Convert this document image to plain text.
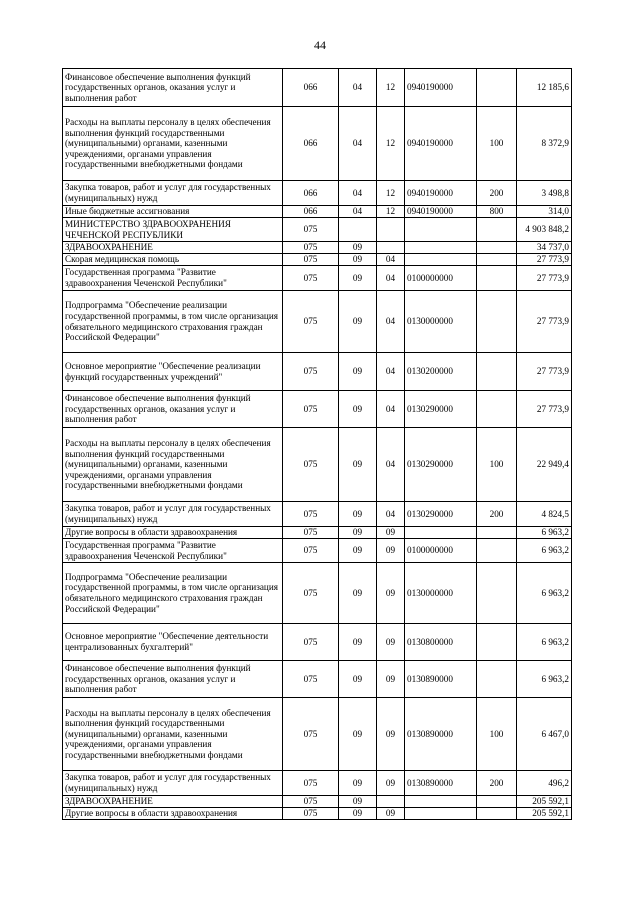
44
Финансовое обеспечение выполнения функций государственных органов, оказания услуг и выполнения работ	066	04	12	0940190000		12 185,6
Расходы на выплаты персоналу в целях обеспечения выполнения функций государственными (муниципальными) органами, казенными учреждениями, органами управления государственными внебюджетными фондами	066	04	12	0940190000	100	8 372,9
Закупка товаров, работ и услуг для государственных (муниципальных) нужд	066	04	12	0940190000	200	3 498,8
Иные бюджетные ассигнования	066	04	12	0940190000	800	314,0
МИНИСТЕРСТВО ЗДРАВООХРАНЕНИЯ ЧЕЧЕНСКОЙ РЕСПУБЛИКИ	075					4 903 848,2
ЗДРАВООХРАНЕНИЕ	075	09				34 737,0
Скорая медицинская помощь	075	09	04			27 773,9
Государственная программа "Развитие здравоохранения Чеченской Республики"	075	09	04	0100000000		27 773,9
Подпрограмма "Обеспечение реализации государственной программы, в том числе организация обязательного медицинского страхования граждан Российской Федерации"	075	09	04	0130000000		27 773,9
Основное мероприятие "Обеспечение реализации функций государственных учреждений"	075	09	04	0130200000		27 773,9
Финансовое обеспечение выполнения функций государственных органов, оказания услуг и выполнения работ	075	09	04	0130290000		27 773,9
Расходы на выплаты персоналу в целях обеспечения выполнения функций государственными (муниципальными) органами, казенными учреждениями, органами управления государственными внебюджетными фондами	075	09	04	0130290000	100	22 949,4
Закупка товаров, работ и услуг для государственных (муниципальных) нужд	075	09	04	0130290000	200	4 824,5
Другие вопросы в области здравоохранения	075	09	09			6 963,2
Государственная программа "Развитие здравоохранения Чеченской Республики"	075	09	09	0100000000		6 963,2
Подпрограмма "Обеспечение реализации государственной программы, в том числе организация обязательного медицинского страхования граждан Российской Федерации"	075	09	09	0130000000		6 963,2
Основное мероприятие "Обеспечение деятельности централизованных бухгалтерий"	075	09	09	0130800000		6 963,2
Финансовое обеспечение выполнения функций государственных органов, оказания услуг и выполнения работ	075	09	09	0130890000		6 963,2
Расходы на выплаты персоналу в целях обеспечения выполнения функций государственными (муниципальными) органами, казенными учреждениями, органами управления государственными внебюджетными фондами	075	09	09	0130890000	100	6 467,0
Закупка товаров, работ и услуг для государственных (муниципальных) нужд	075	09	09	0130890000	200	496,2
ЗДРАВООХРАНЕНИЕ	075	09				205 592,1
Другие вопросы в области здравоохранения	075	09	09			205 592,1
